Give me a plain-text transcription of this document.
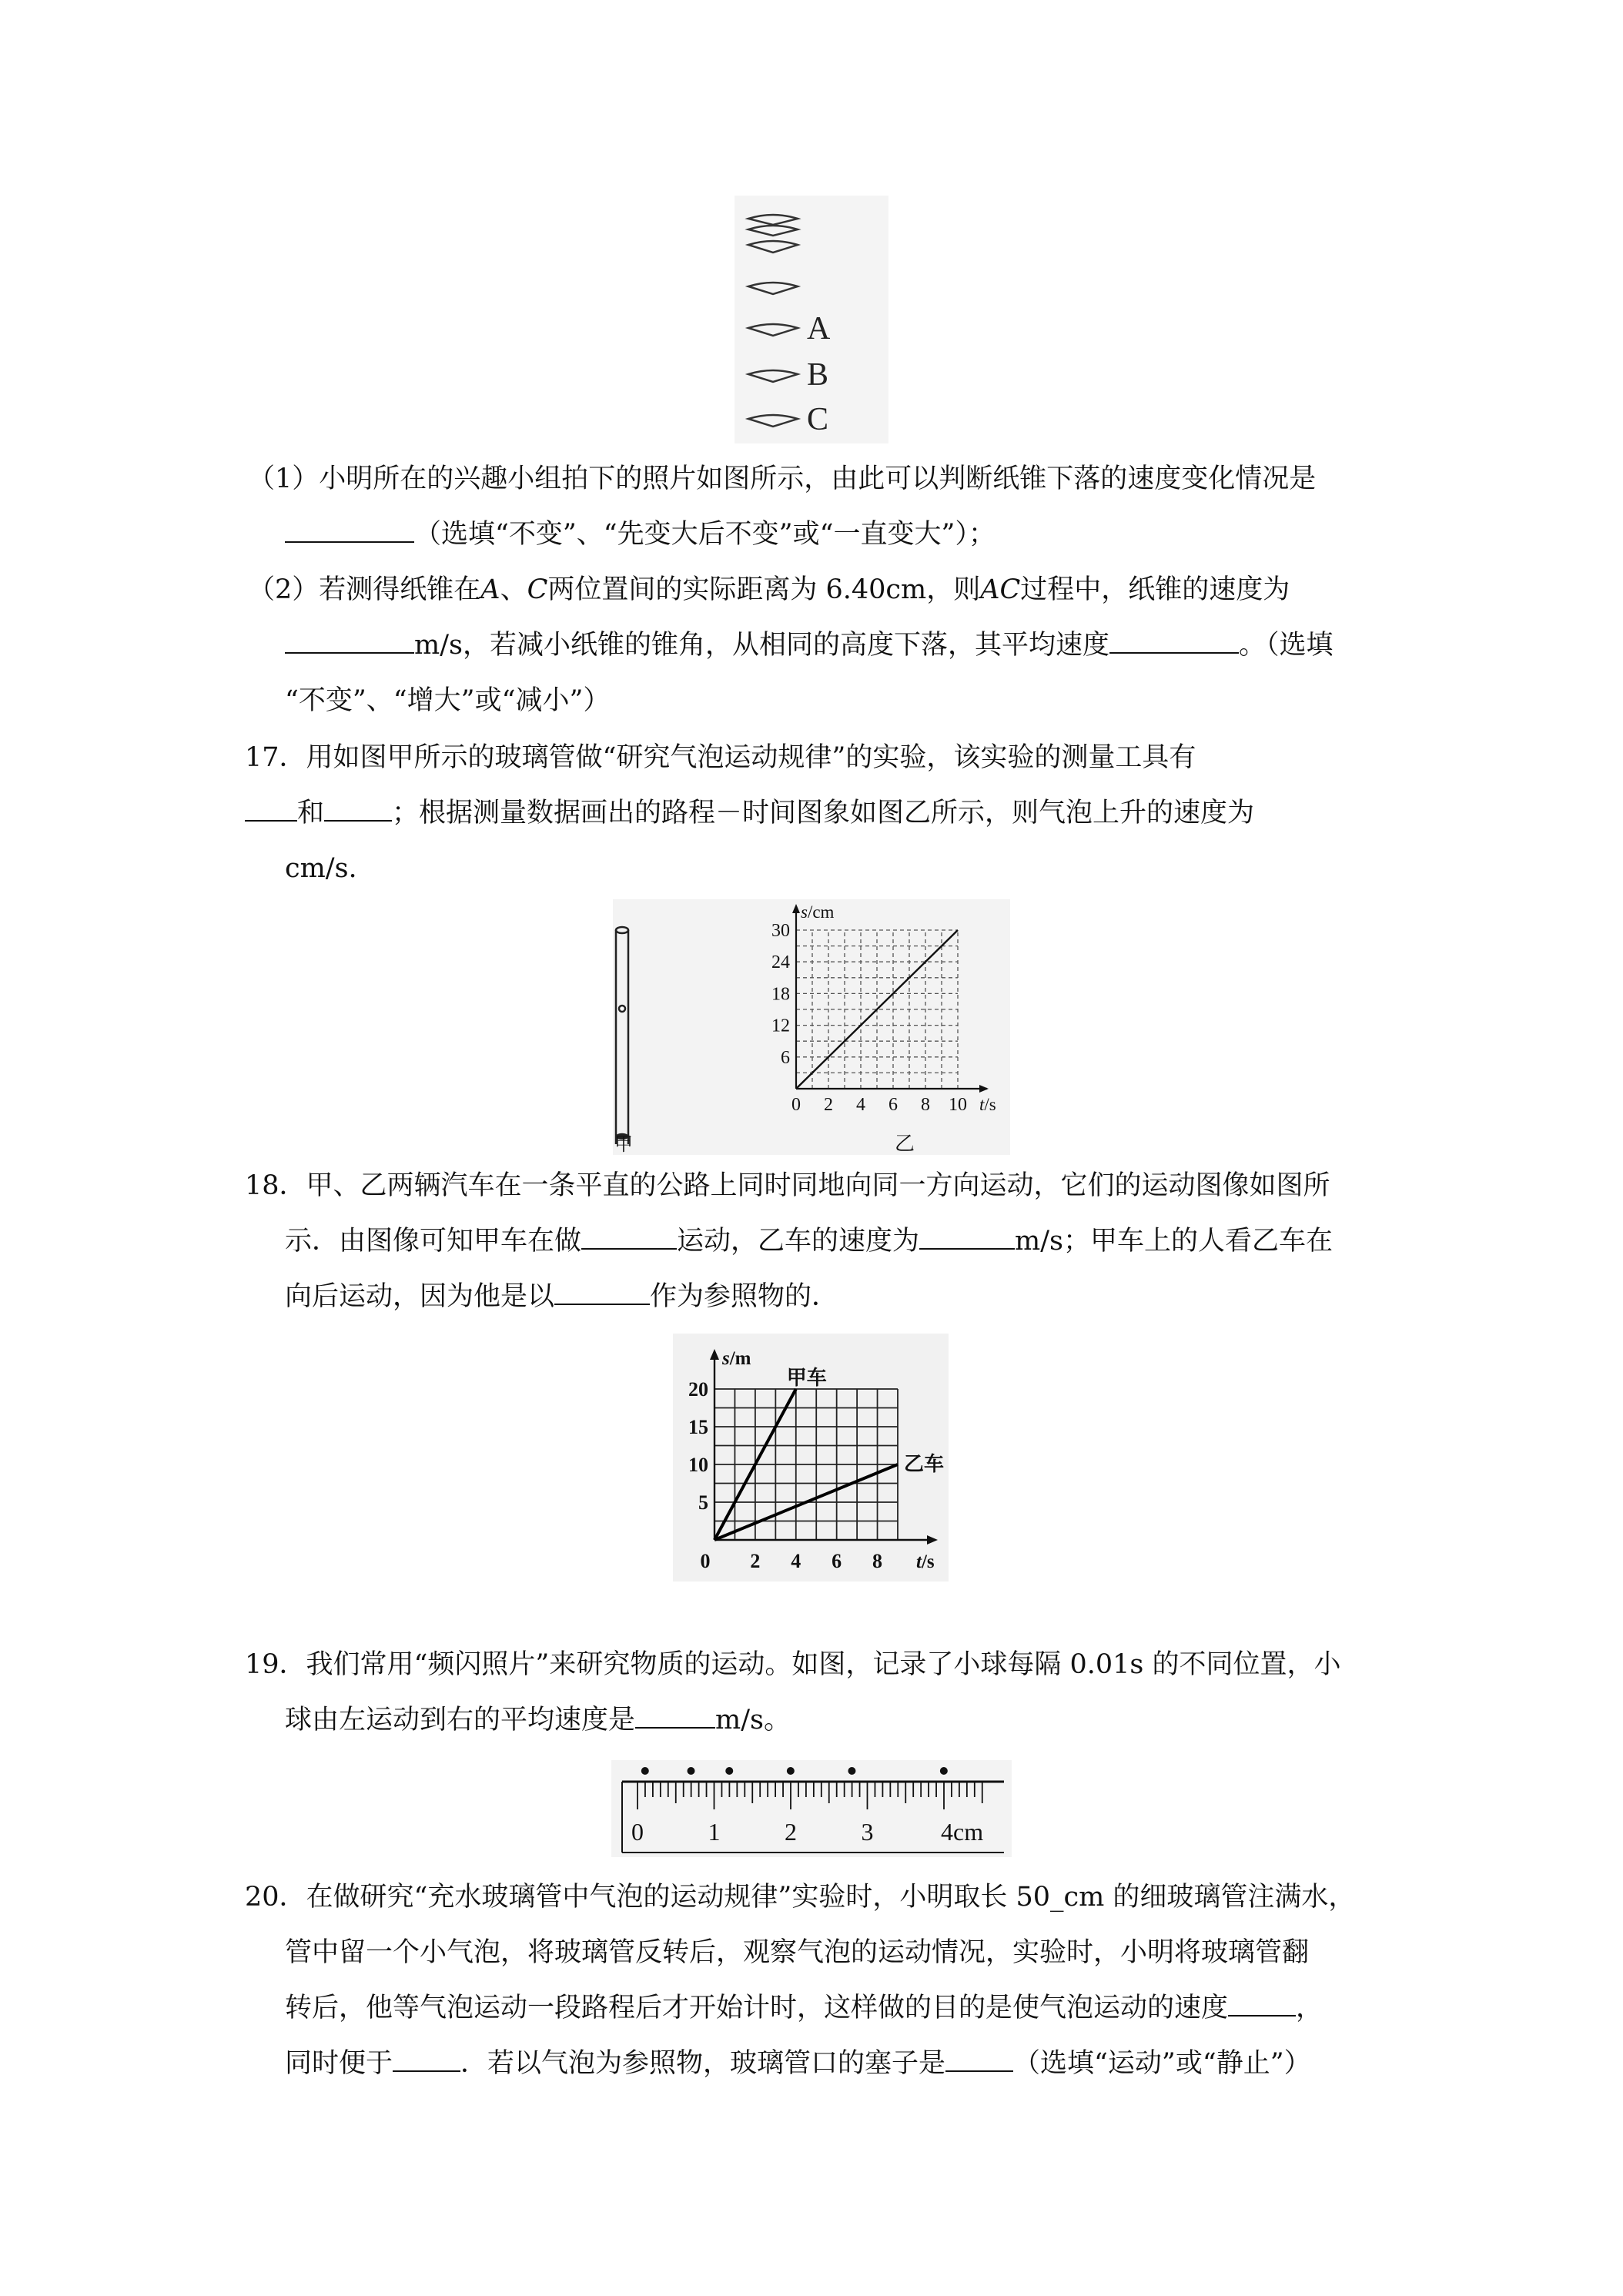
A
B
C
（1）小明所在的兴趣小组拍下的照片如图所示，由此可以判断纸锥下落的速度变化情况是
（选填“不变”、“先变大后不变”或“一直变大”）；
（2）若测得纸锥在A、C两位置间的实际距离为 6.40cm，则AC过程中，纸锥的速度为
m/s，若减小纸锥的锥角，从相同的高度下落，其平均速度	。（选填
“不变”、“增大”或“减小”）
17．用如图甲所示的玻璃管做“研究气泡运动规律”的实验，该实验的测量工具有
和	；根据测量数据画出的路程－时间图象如图乙所示，则气泡上升的速度为
cm/s.
甲	乙
0 2 4 6 8 10
6
12
18
24
30
s/cm
t/s
18．甲、乙两辆汽车在一条平直的公路上同时同地向同一方向运动，它们的运动图像如图所
示．由图像可知甲车在做	运动，乙车的速度为	m/s；甲车上的人看乙车在
向后运动，因为他是以	作为参照物的．
0 2 4 6 8
5
10
15
20
s/m
t/s
甲车
乙车
19．我们常用“频闪照片”来研究物质的运动。如图，记录了小球每隔 0.01s 的不同位置，小
球由左运动到右的平均速度是	m/s。
0	1	2	3	4cm
20．在做研究“充水玻璃管中气泡的运动规律”实验时，小明取长 50_cm 的细玻璃管注满水，
管中留一个小气泡，将玻璃管反转后，观察气泡的运动情况，实验时，小明将玻璃管翻
转后，他等气泡运动一段路程后才开始计时，这样做的目的是使气泡运动的速度	，
同时便于	．若以气泡为参照物，玻璃管口的塞子是	（选填“运动”或“静止”）
